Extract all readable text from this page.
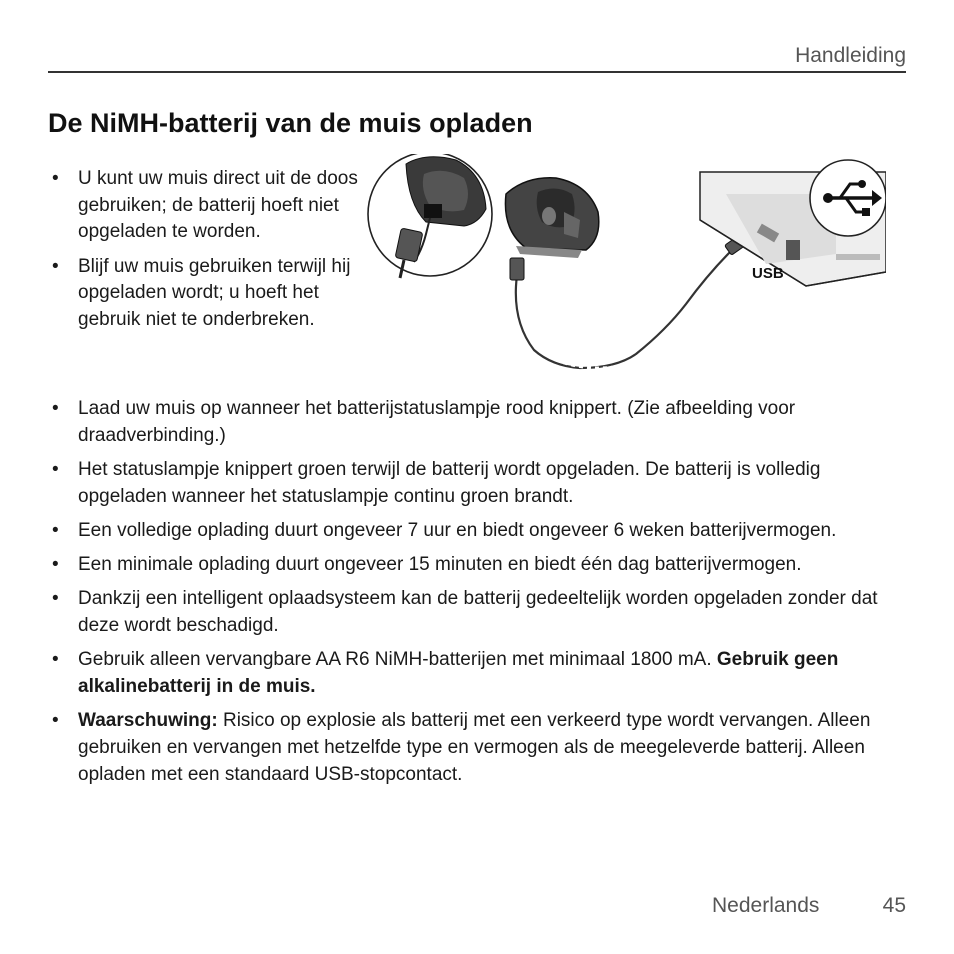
Handleiding
De NiMH-batterij van de muis opladen
• U kunt uw muis direct uit de doos gebruiken; de batterij hoeft niet opgeladen te worden.
• Blijf uw muis gebruiken terwijl hij opgeladen wordt; u hoeft het gebruik niet te onderbreken.
USB
• Laad uw muis op wanneer het batterijstatuslampje rood knippert. (Zie afbeelding voor draadverbinding.)
• Het statuslampje knippert groen terwijl de batterij wordt opgeladen. De batterij is volledig opgeladen wanneer het statuslampje continu groen brandt.
• Een volledige oplading duurt ongeveer 7 uur en biedt ongeveer 6 weken batterijvermogen.
• Een minimale oplading duurt ongeveer 15 minuten en biedt één dag batterijvermogen.
• Dankzij een intelligent oplaadsysteem kan de batterij gedeeltelijk worden opgeladen zonder dat deze wordt beschadigd.
• Gebruik alleen vervangbare AA R6 NiMH-batterijen met minimaal 1800 mA. Gebruik geen alkalinebatterij in de muis.
• Waarschuwing: Risico op explosie als batterij met een verkeerd type wordt vervangen. Alleen gebruiken en vervangen met hetzelfde type en vermogen als de meegeleverde batterij. Alleen opladen met een standaard USB-stopcontact.
Nederlands	45
